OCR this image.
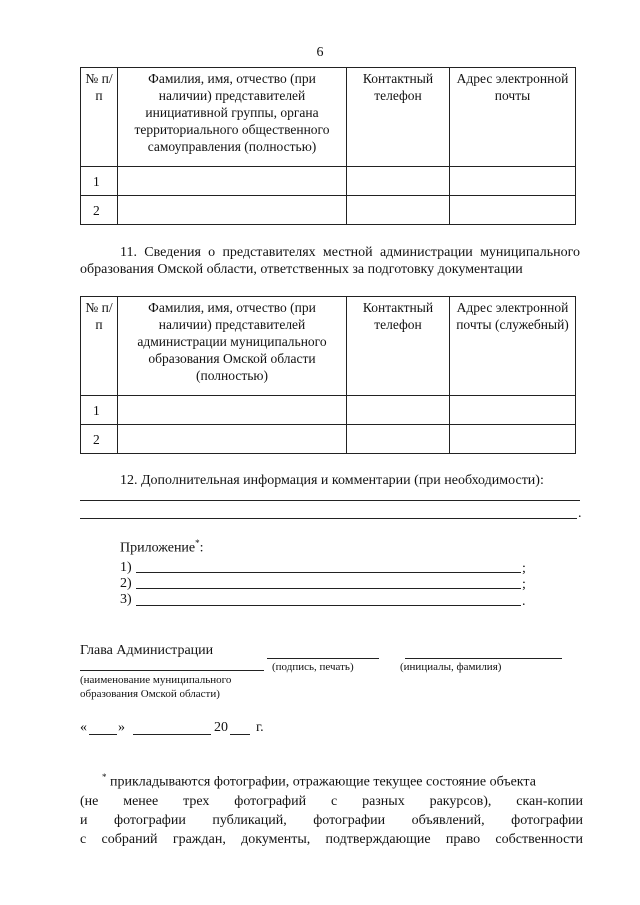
6
№ п/п	Фамилия, имя, отчество (при наличии) представителей инициативной группы, органа территориального общественного самоуправления (полностью)	Контактный телефон	Адрес электронной почты
1			
2			
11. Сведения о представителях местной администрации муниципального образования Омской области, ответственных за подготовку документации
№ п/п	Фамилия, имя, отчество (при наличии) представителей администрации муниципального образования Омской области (полностью)	Контактный телефон	Адрес электронной почты (служебный)
1			
2			
12. Дополнительная информация и комментарии (при необходимости):
.
Приложение*:
1)	;
2)	;
3)	.
Глава Администрации
(подпись, печать)	(инициалы, фамилия)
(наименование муниципального
образования Омской области)
« »	20 г.
* прикладываются фотографии, отражающие текущее состояние объекта
(не менее трех фотографий с разных ракурсов), скан-копии
и фотографии публикаций, фотографии объявлений, фотографии
с собраний граждан, документы, подтверждающие право собственности
